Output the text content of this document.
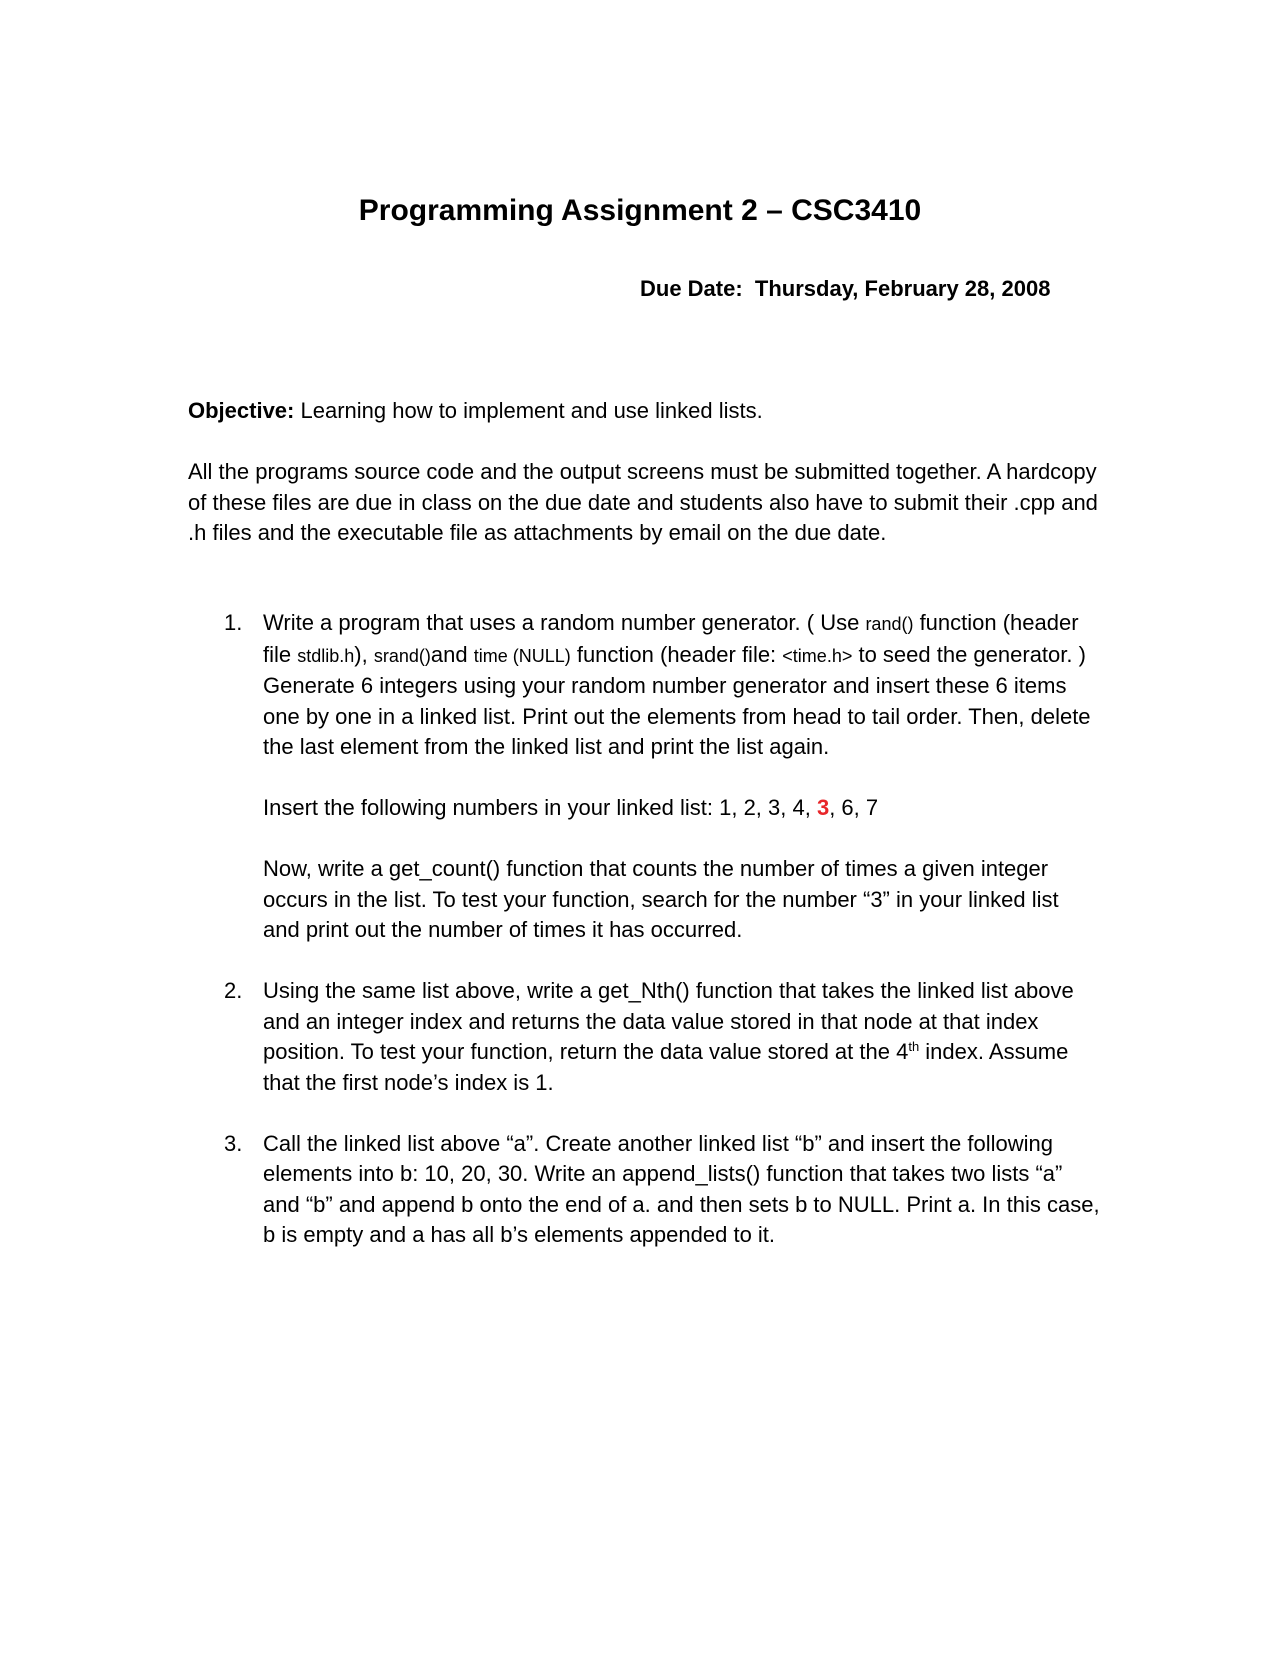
Programming Assignment 2 – CSC3410
Due Date: Thursday, February 28, 2008

Objective: Learning how to implement and use linked lists.

All the programs source code and the output screens must be submitted together. A hardcopy of these files are due in class on the due date and students also have to submit their .cpp and .h files and the executable file as attachments by email on the due date.

1. Write a program that uses a random number generator. ( Use rand() function (header file stdlib.h), srand()and time (NULL) function (header file: <time.h> to seed the generator. ) Generate 6 integers using your random number generator and insert these 6 items one by one in a linked list. Print out the elements from head to tail order. Then, delete the last element from the linked list and print the list again.

Insert the following numbers in your linked list: 1, 2, 3, 4, 3, 6, 7

Now, write a get_count() function that counts the number of times a given integer occurs in the list. To test your function, search for the number “3” in your linked list and print out the number of times it has occurred.

2. Using the same list above, write a get_Nth() function that takes the linked list above and an integer index and returns the data value stored in that node at that index position. To test your function, return the data value stored at the 4th index. Assume that the first node’s index is 1.

3. Call the linked list above “a”. Create another linked list “b” and insert the following elements into b: 10, 20, 30. Write an append_lists() function that takes two lists “a” and “b” and append b onto the end of a. and then sets b to NULL. Print a. In this case, b is empty and a has all b’s elements appended to it.
